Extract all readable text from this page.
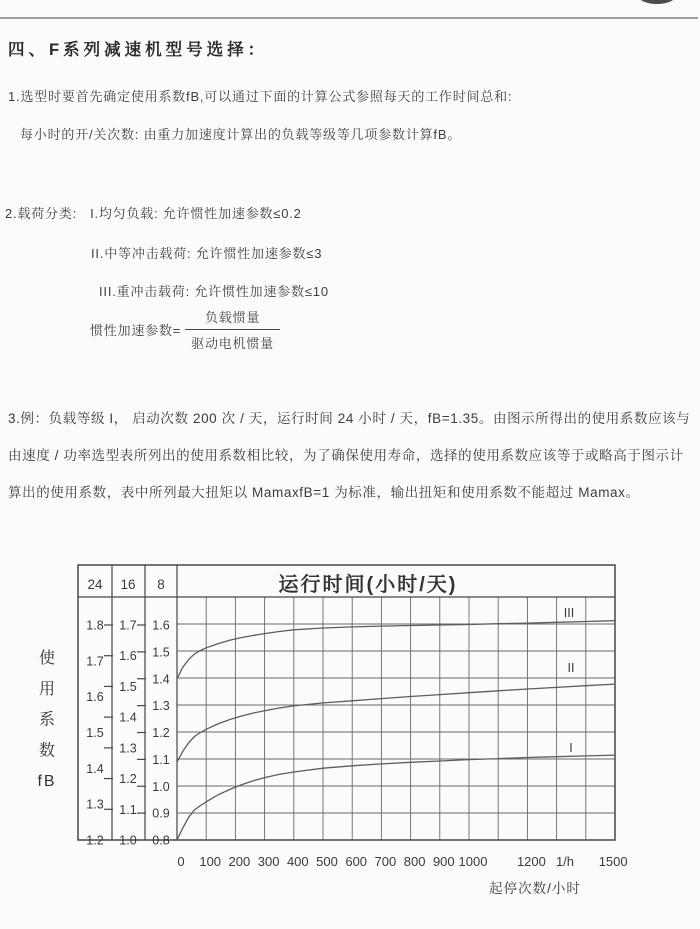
四、F系列减速机型号选择：
1.选型时要首先确定使用系数fB,可以通过下面的计算公式参照每天的工作时间总和:
每小时的开/关次数: 由重力加速度计算出的负载等级等几项参数计算fB。
2.载荷分类: I.均匀负载: 允许惯性加速参数≤0.2
II.中等冲击载荷: 允许惯性加速参数≤3
III.重冲击载荷: 允许惯性加速参数≤10
惯性加速参数= $\frac{\text{负载惯量}}{\text{驱动电机惯量}}$
3.例：负载等级 I， 启动次数 200 次 / 天，运行时间 24 小时 / 天，fB=1.35。由图示所得出的使用系数应该与
由速度 / 功率选型表所列出的使用系数相比较，为了确保使用寿命，选择的使用系数应该等于或略高于图示计
算出的使用系数，表中所列最大扭矩以 MamaxfB=1 为标准，输出扭矩和使用系数不能超过 Mamax。
24 16 8	运行时间(小时/天)
1.8
1.7
1.6
1.5
1.4
1.3
1.2
1.7
1.6
1.5
1.4
1.3
1.2
1.1
1.0
1.6
1.5
1.4
1.3
1.2
1.1
1.0
0.9
0.8
0 100 200 300 400 500 600 700 800 900 1000 1200 1/h 1500
起停次数/小时
使
用
系
数
fB
I
II
III
